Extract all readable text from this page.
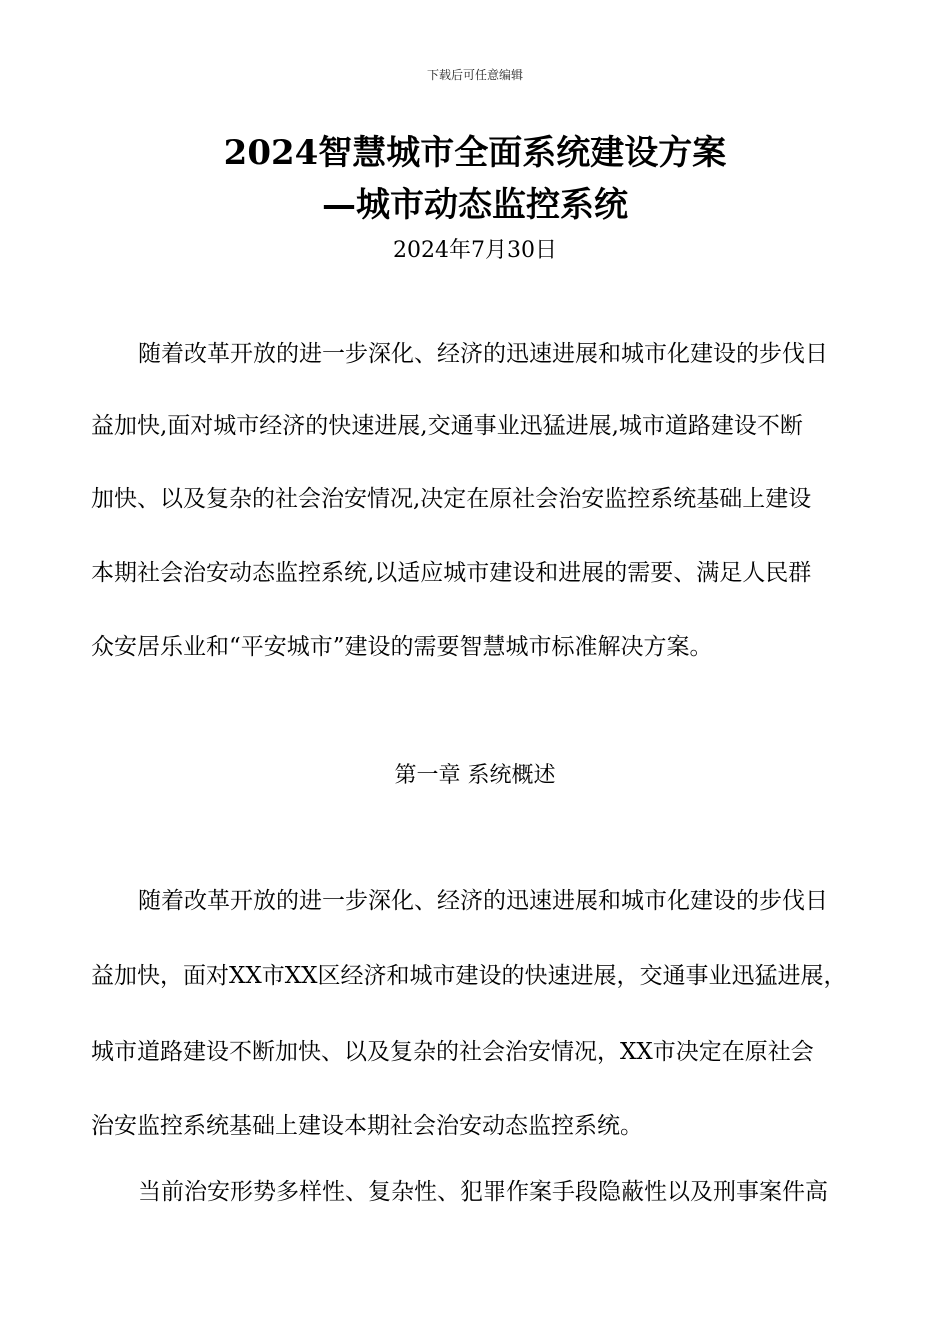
下载后可任意编辑
2024智慧城市全面系统建设方案
—城市动态监控系统
2024年7月30日
随着改革开放的进一步深化、经济的迅速进展和城市化建设的步伐日
益加快,面对城市经济的快速进展,交通事业迅猛进展,城市道路建设不断
加快、以及复杂的社会治安情况,决定在原社会治安监控系统基础上建设
本期社会治安动态监控系统,以适应城市建设和进展的需要、满足人民群
众安居乐业和“平安城市”建设的需要智慧城市标准解决方案。
第一章 系统概述
随着改革开放的进一步深化、经济的迅速进展和城市化建设的步伐日
益加快，面对XX市XX区经济和城市建设的快速进展，交通事业迅猛进展，
城市道路建设不断加快、以及复杂的社会治安情况，XX市决定在原社会
治安监控系统基础上建设本期社会治安动态监控系统。
当前治安形势多样性、复杂性、犯罪作案手段隐蔽性以及刑事案件高
